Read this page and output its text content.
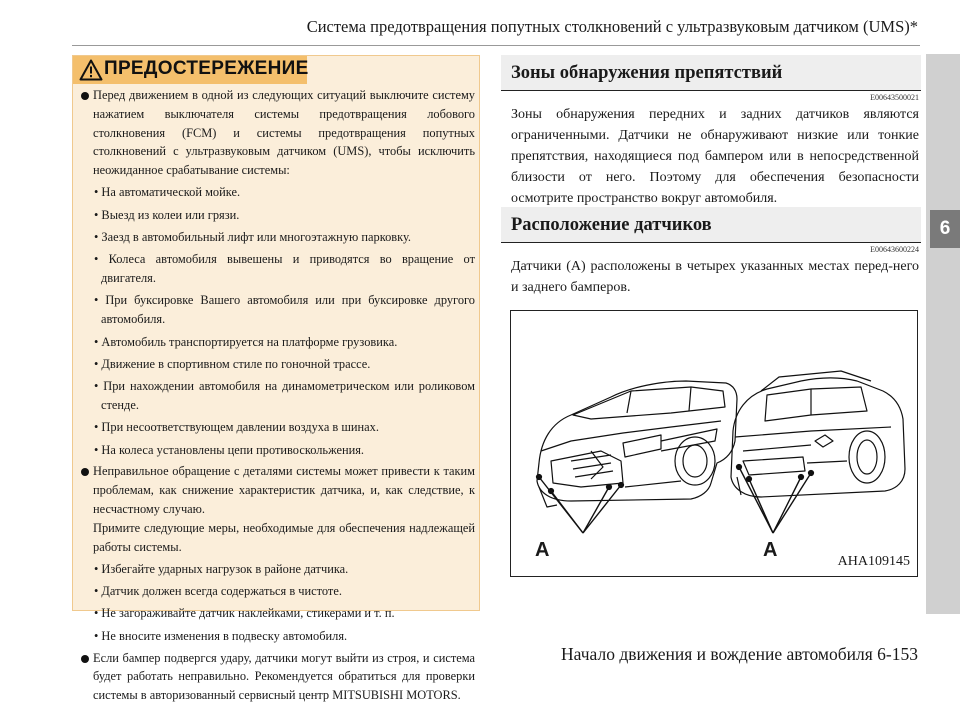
Система предотвращения попутных столкновений с ультразвуковым датчиком (UMS)*
6
ПРЕДОСТЕРЕЖЕНИЕ
Перед движением в одной из следующих ситуаций выключите систему нажатием выключателя системы предотвращения лобового столкновения (FCM) и системы предотвращения попутных столкновений с ультразвуковым датчиком (UMS), чтобы исключить неожиданное срабатывание системы:
• На автоматической мойке.
• Выезд из колеи или грязи.
• Заезд в автомобильный лифт или многоэтажную парковку.
• Колеса автомобиля вывешены и приводятся во вращение от двигателя.
• При буксировке Вашего автомобиля или при буксировке другого автомобиля.
• Автомобиль транспортируется на платформе грузовика.
• Движение в спортивном стиле по гоночной трассе.
• При нахождении автомобиля на динамометрическом или роликовом стенде.
• При несоответствующем давлении воздуха в шинах.
• На колеса установлены цепи противоскольжения.
Неправильное обращение с деталями системы может привести к таким проблемам, как снижение характеристик датчика, и, как следствие, к несчастному случаю.
Примите следующие меры, необходимые для обеспечения надлежащей работы системы.
• Избегайте ударных нагрузок в районе датчика.
• Датчик должен всегда содержаться в чистоте.
• Не загораживайте датчик наклейками, стикерами и т. п.
• Не вносите изменения в подвеску автомобиля.
Если бампер подвергся удару, датчики могут выйти из строя, и система будет работать неправильно. Рекомендуется обратиться для проверки системы в авторизованный сервисный центр MITSUBISHI MOTORS.
Зоны обнаружения препятствий
E00643500021
Зоны обнаружения передних и задних датчиков являются ограниченными. Датчики не обнаруживают низкие или тонкие препятствия, находящиеся под бампером или в непосредственной близости от него. Поэтому для обеспечения безопасности осмотрите пространство вокруг автомобиля.
Расположение датчиков
E00643600224
Датчики (A) расположены в четырех указанных местах перед-него и заднего бамперов.
A	A
AHA109145
Начало движения и вождение автомобиля 6-153
